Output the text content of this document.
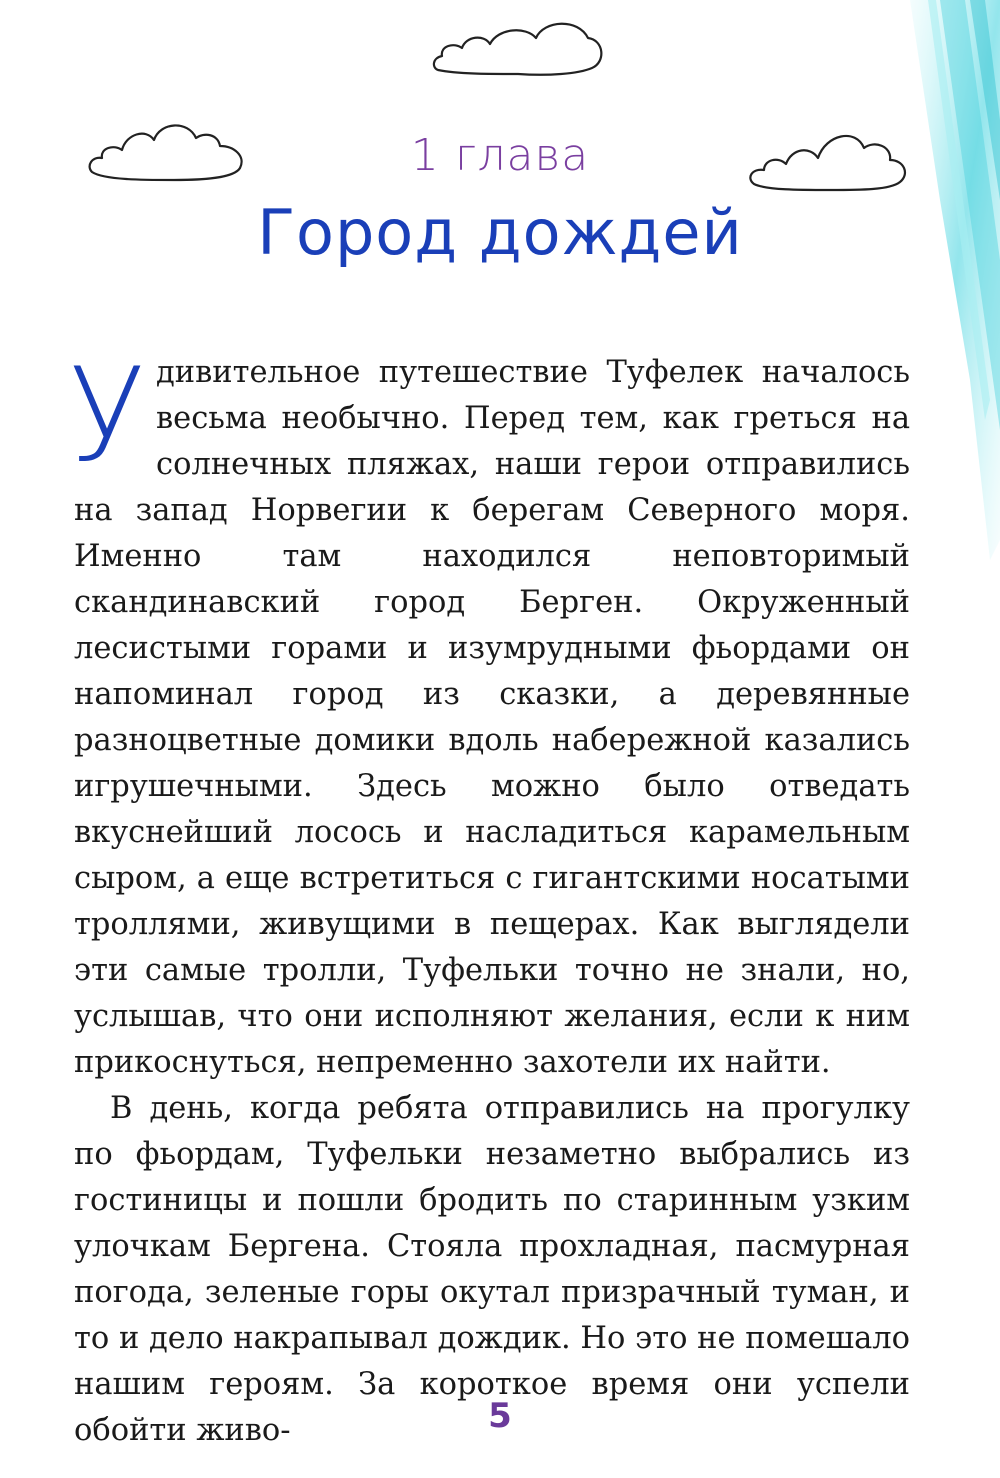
1 глава
Город дождей

Удивительное путешествие Туфелек началось весьма необычно. Перед тем, как греться на солнечных пляжах, наши герои отправились на запад Норвегии к берегам Северного моря. Именно там находился неповторимый скандинавский город Берген. Окруженный лесистыми горами и изумрудными фьордами он напоминал город из сказки, а деревянные разноцветные домики вдоль набережной казались игрушечными. Здесь можно было отведать вкуснейший лосось и насладиться карамельным сыром, а еще встретиться с гигантскими носатыми троллями, живущими в пещерах. Как выглядели эти самые тролли, Туфельки точно не знали, но, услышав, что они исполняют желания, если к ним прикоснуться, непременно захотели их найти.

В день, когда ребята отправились на прогулку по фьордам, Туфельки незаметно выбрались из гостиницы и пошли бродить по старинным узким улочкам Бергена. Стояла прохладная, пасмурная погода, зеленые горы окутал призрачный туман, и то и дело накрапывал дождик. Но это не помешало нашим героям. За короткое время они успели обойти живо-	5
